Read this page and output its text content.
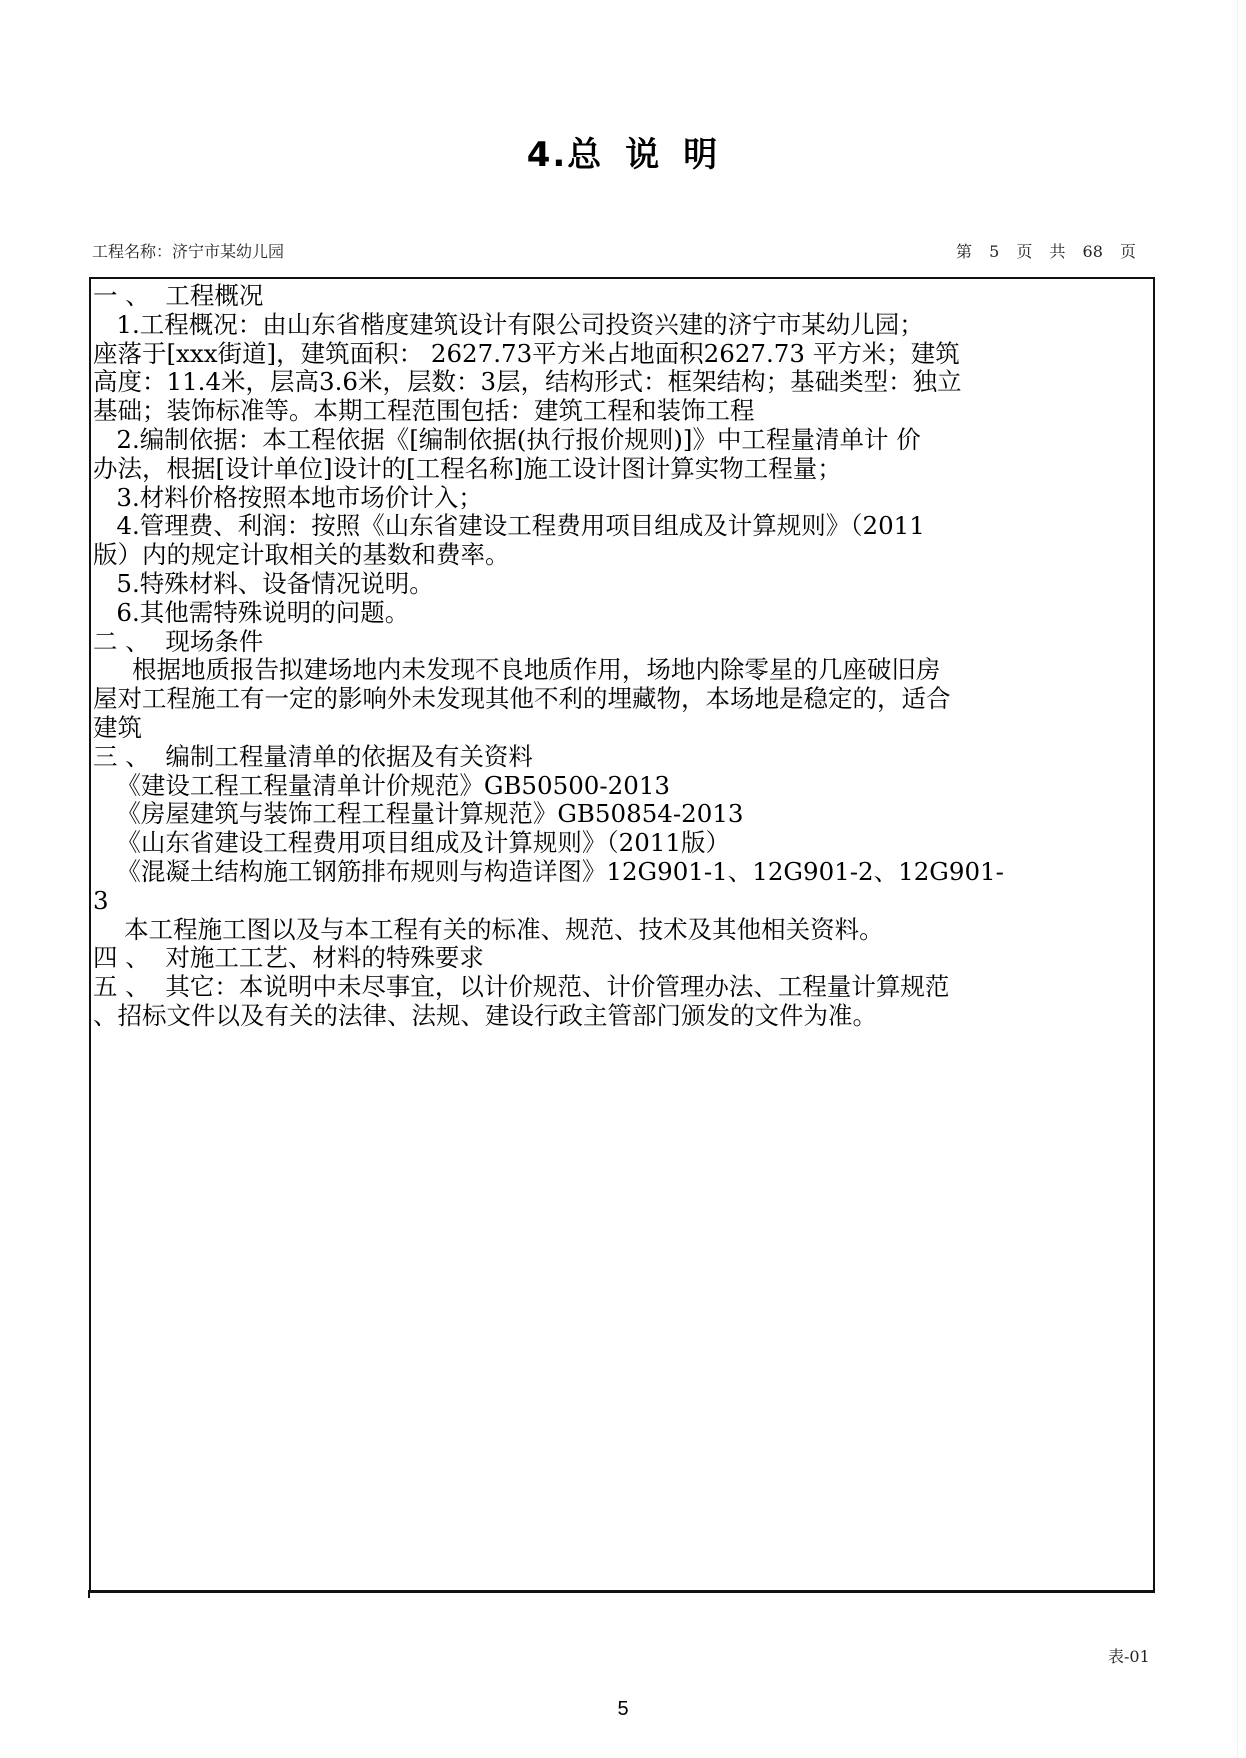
4.总 说 明
工程名称：济宁市某幼儿园	第 5 页 共 68 页
一 、  工程概况
1.工程概况：由山东省楷度建筑设计有限公司投资兴建的济宁市某幼儿园；
座落于[xxx街道]，建筑面积： 2627.73平方米占地面积2627.73 平方米；建筑
高度：11.4米，层高3.6米，层数：3层，结构形式：框架结构；基础类型：独立
基础；装饰标准等。本期工程范围包括：建筑工程和装饰工程
2.编制依据：本工程依据《[编制依据(执行报价规则)]》中工程量清单计 价
办法，根据[设计单位]设计的[工程名称]施工设计图计算实物工程量；
3.材料价格按照本地市场价计入；
4.管理费、利润：按照《山东省建设工程费用项目组成及计算规则》（2011
版）内的规定计取相关的基数和费率。
5.特殊材料、设备情况说明。
6.其他需特殊说明的问题。
二 、  现场条件
根据地质报告拟建场地内未发现不良地质作用，场地内除零星的几座破旧房
屋对工程施工有一定的影响外未发现其他不利的埋藏物，本场地是稳定的，适合
建筑
三 、  编制工程量清单的依据及有关资料
《建设工程工程量清单计价规范》GB50500-2013
《房屋建筑与装饰工程工程量计算规范》GB50854-2013
《山东省建设工程费用项目组成及计算规则》（2011版）
《混凝土结构施工钢筋排布规则与构造详图》12G901-1、12G901-2、12G901-
3
本工程施工图以及与本工程有关的标准、规范、技术及其他相关资料。
四 、  对施工工艺、材料的特殊要求
五 、  其它：本说明中未尽事宜，以计价规范、计价管理办法、工程量计算规范
、招标文件以及有关的法律、法规、建设行政主管部门颁发的文件为准。
表-01
5
